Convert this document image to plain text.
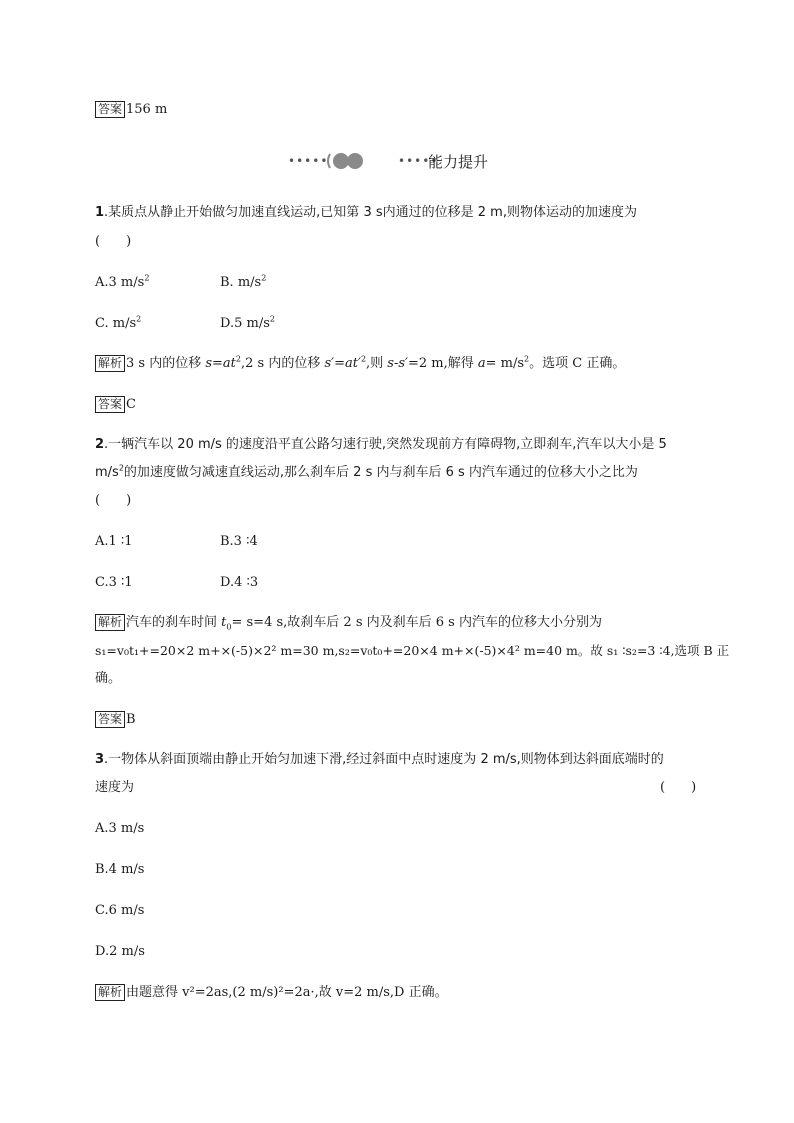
答案 156 m
•••••	•••••
能力提升
1.某质点从静止开始做匀加速直线运动,已知第 3 s内通过的位移是 2 m,则物体运动的加速度为
(　　)
A.3 $m/s^2$	B. $m/s^2$
C. $m/s^2$	D.5 $m/s^2$
解析 3 s 内的位移 $s=at^2,2$ s 内的位移 $s'=at'^2$,则 s-s′=2 m,解得 $a= m/s^2$。选项 C 正确。
答案 C
2.一辆汽车以 20 m/s 的速度沿平直公路匀速行驶,突然发现前方有障碍物,立即刹车,汽车以大小是 5
$m/s^2$的加速度做匀减速直线运动,那么刹车后 2 s 内与刹车后 6 s 内汽车通过的位移大小之比为
(　　)
A.1 ∶1	B.3 ∶4
C.3 ∶1	D.4 ∶3
解析 汽车的刹车时间 $t_0= s=4$ s,故刹车后 2 s 内及刹车后 6 s 内汽车的位移大小分别为
s₁=v₀t₁+=20×2 m+×(-5)×2² m=30 m,s₂=v₀t₀+=20×4 m+×(-5)×4² m=40 m。故 s₁ ∶s₂=3 ∶4,选项 B 正
确。
答案 B
3.一物体从斜面顶端由静止开始匀加速下滑,经过斜面中点时速度为 2 m/s,则物体到达斜面底端时的
速度为	(　　)
A.3 m/s
B.4 m/s
C.6 m/s
D.2 m/s
解析 由题意得 v²=2as,(2 m/s)²=2a·,故 v=2 m/s,D 正确。
